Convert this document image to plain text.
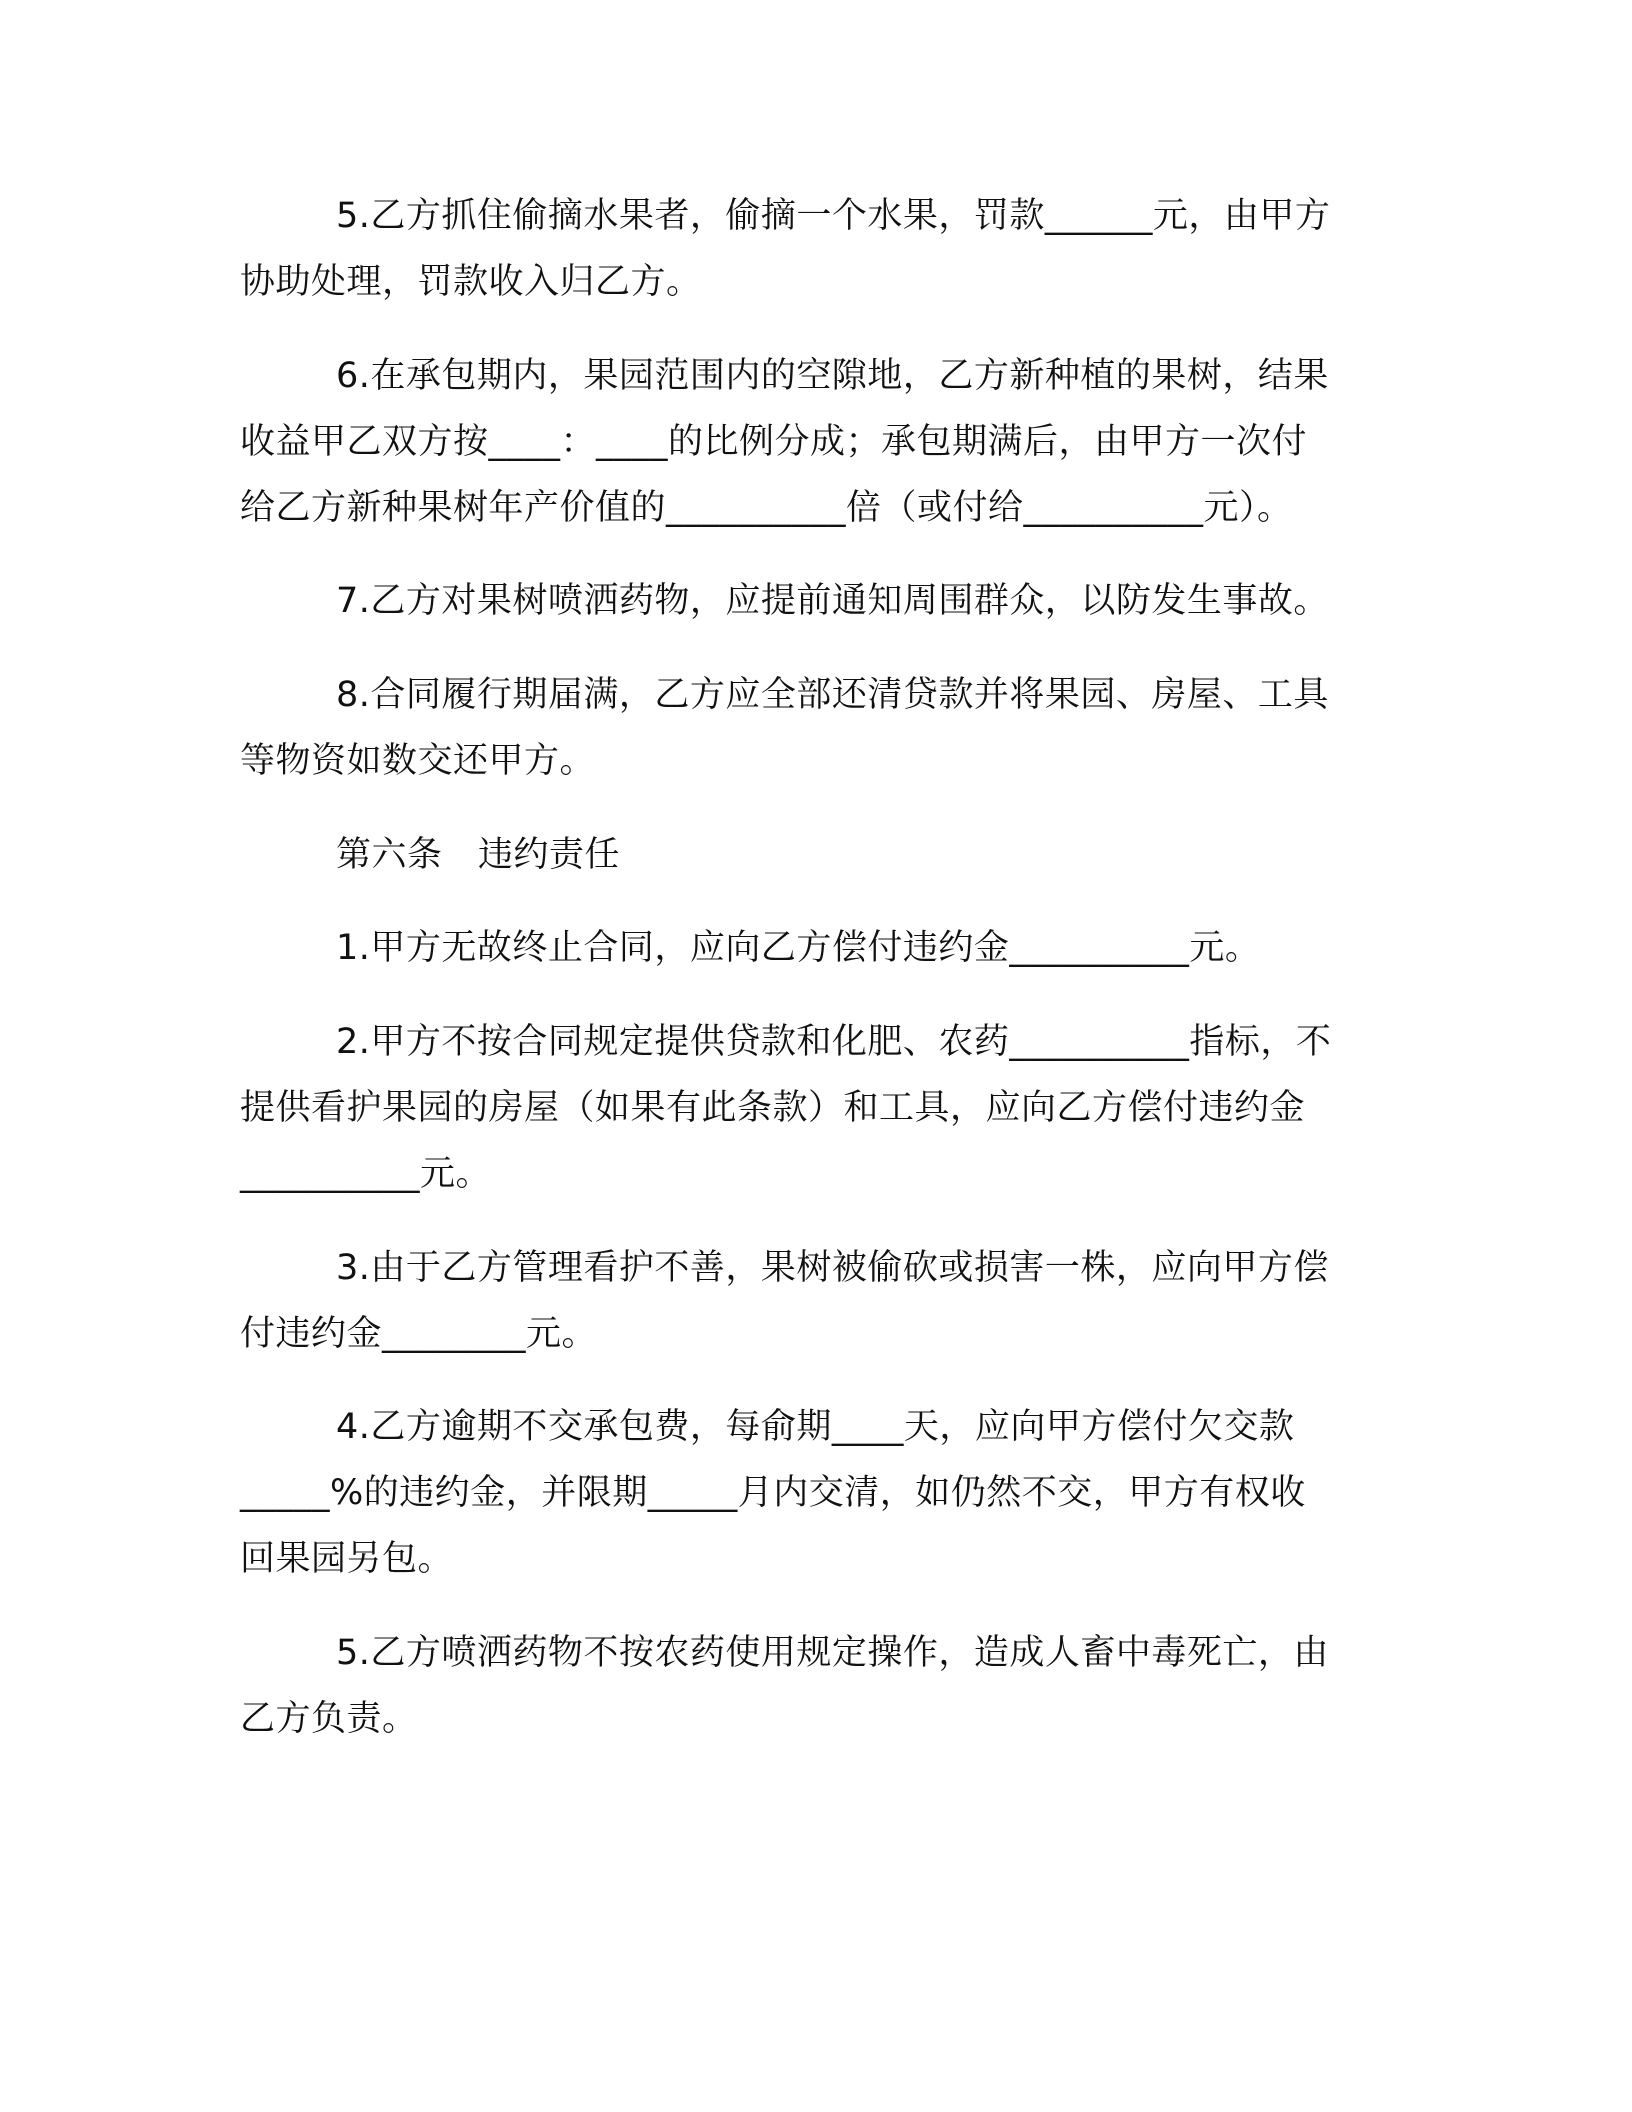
5.乙方抓住偷摘水果者，偷摘一个水果，罚款______元，由甲方
协助处理，罚款收入归乙方。
6.在承包期内，果园范围内的空隙地，乙方新种植的果树，结果
收益甲乙双方按____：____的比例分成；承包期满后，由甲方一次付
给乙方新种果树年产价值的__________倍（或付给__________元）。
7.乙方对果树喷洒药物，应提前通知周围群众，以防发生事故。
8.合同履行期届满，乙方应全部还清贷款并将果园、房屋、工具
等物资如数交还甲方。
第六条　违约责任
1.甲方无故终止合同，应向乙方偿付违约金__________元。
2.甲方不按合同规定提供贷款和化肥、农药__________指标，不
提供看护果园的房屋（如果有此条款）和工具，应向乙方偿付违约金
__________元。
3.由于乙方管理看护不善，果树被偷砍或损害一株，应向甲方偿
付违约金________元。
4.乙方逾期不交承包费，每俞期____天，应向甲方偿付欠交款
_____%的违约金，并限期_____月内交清，如仍然不交，甲方有权收
回果园另包。
5.乙方喷洒药物不按农药使用规定操作，造成人畜中毒死亡，由
乙方负责。
